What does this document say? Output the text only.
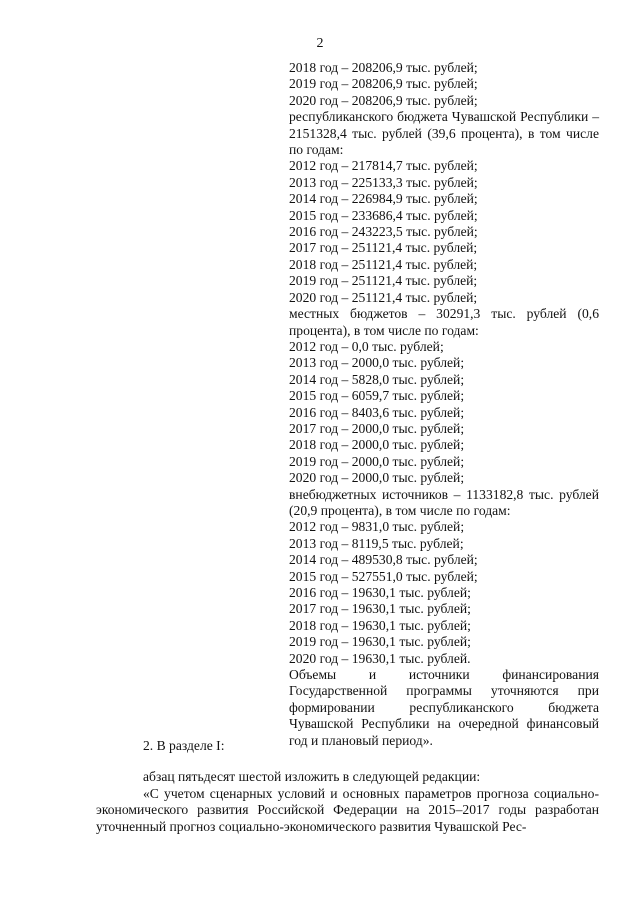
2
2018 год – 208206,9 тыс. рублей;
2019 год – 208206,9 тыс. рублей;
2020 год – 208206,9 тыс. рублей;
республиканского бюджета Чувашской Республики – 2151328,4 тыс. рублей (39,6 процента), в том числе по годам:
2012 год – 217814,7 тыс. рублей;
2013 год – 225133,3 тыс. рублей;
2014 год – 226984,9 тыс. рублей;
2015 год – 233686,4 тыс. рублей;
2016 год – 243223,5 тыс. рублей;
2017 год – 251121,4 тыс. рублей;
2018 год – 251121,4 тыс. рублей;
2019 год – 251121,4 тыс. рублей;
2020 год – 251121,4 тыс. рублей;
местных бюджетов – 30291,3 тыс. рублей (0,6 процента), в том числе по годам:
2012 год – 0,0 тыс. рублей;
2013 год – 2000,0 тыс. рублей;
2014 год – 5828,0 тыс. рублей;
2015 год – 6059,7 тыс. рублей;
2016 год – 8403,6 тыс. рублей;
2017 год – 2000,0 тыс. рублей;
2018 год – 2000,0 тыс. рублей;
2019 год – 2000,0 тыс. рублей;
2020 год – 2000,0 тыс. рублей;
внебюджетных источников – 1133182,8 тыс. рублей (20,9 процента), в том числе по годам:
2012 год – 9831,0 тыс. рублей;
2013 год – 8119,5 тыс. рублей;
2014 год – 489530,8 тыс. рублей;
2015 год – 527551,0 тыс. рублей;
2016 год – 19630,1 тыс. рублей;
2017 год – 19630,1 тыс. рублей;
2018 год – 19630,1 тыс. рублей;
2019 год – 19630,1 тыс. рублей;
2020 год – 19630,1 тыс. рублей.
Объемы и источники финансирования Государственной программы уточняются при формировании республиканского бюджета Чувашской Республики на очередной финансовый год и плановый период».
2. В разделе I:
абзац пятьдесят шестой изложить в следующей редакции:
«С учетом сценарных условий и основных параметров прогноза социально-экономического развития Российской Федерации на 2015–2017 годы разработан уточненный прогноз социально-экономического развития Чувашской Рес-
